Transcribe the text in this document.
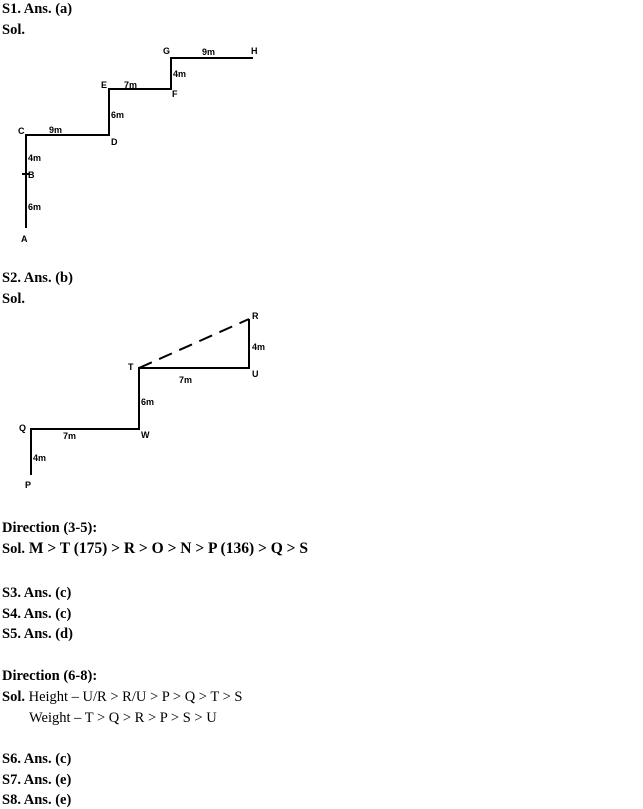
S1. Ans. (a)
Sol.
A
B
C
D
E
F
G	H
6m
4m
9m
6m
7m
4m
9m
S2. Ans. (b)
Sol.
P
Q
W
T
U
R
4m
7m
6m
7m
4m
Direction (3-5):
Sol. M > T (175) > R > O > N > P (136) > Q > S
S3. Ans. (c)
S4. Ans. (c)
S5. Ans. (d)
Direction (6-8):
Sol. Height – U/R > R/U > P > Q > T > S
Weight – T > Q > R > P > S > U
S6. Ans. (c)
S7. Ans. (e)
S8. Ans. (e)
